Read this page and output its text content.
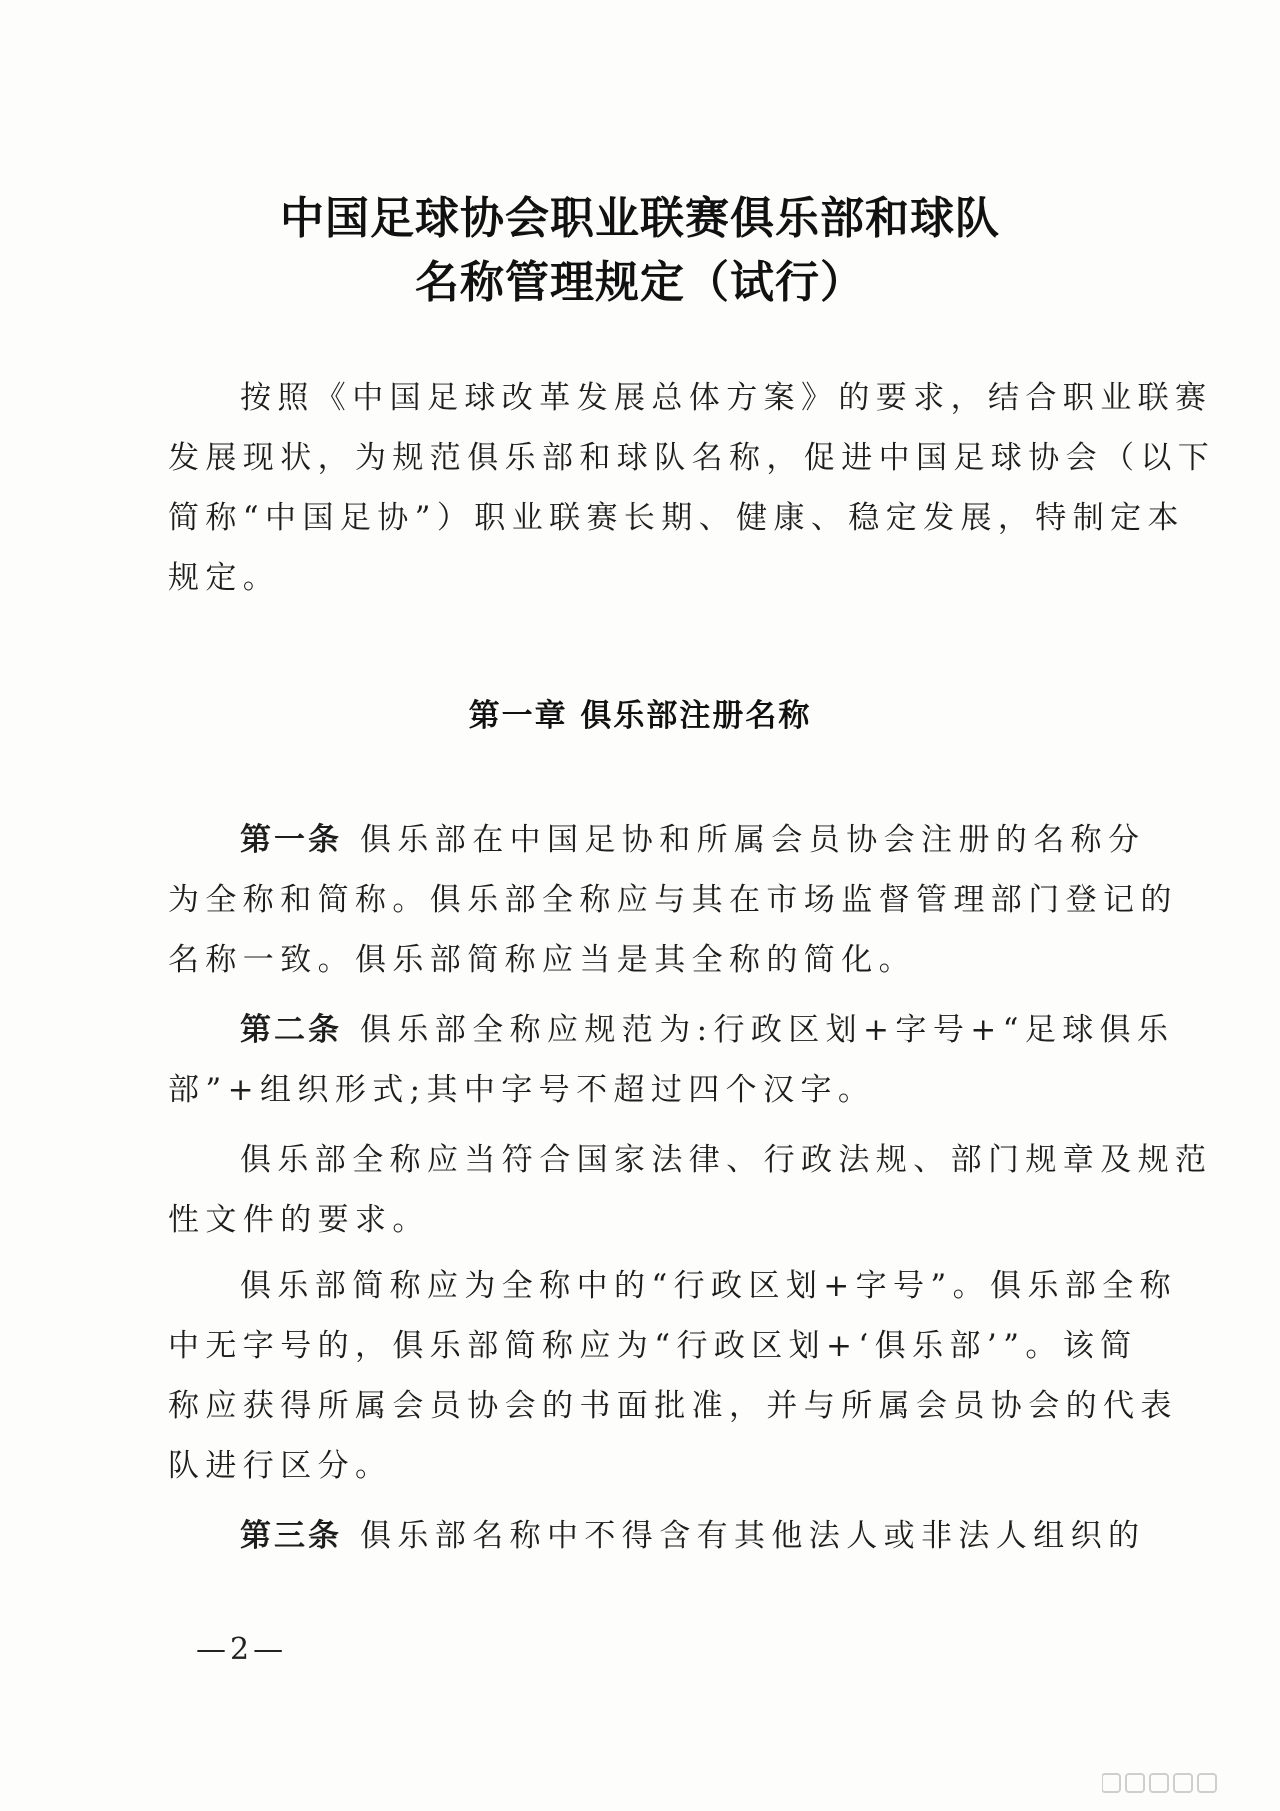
中国足球协会职业联赛俱乐部和球队
名称管理规定（试行）
按照《中国足球改革发展总体方案》的要求，结合职业联赛
发展现状，为规范俱乐部和球队名称，促进中国足球协会（以下
简称“中国足协”）职业联赛长期、健康、稳定发展，特制定本
规定。
第一章 俱乐部注册名称
第一条 俱乐部在中国足协和所属会员协会注册的名称分
为全称和简称。俱乐部全称应与其在市场监督管理部门登记的
名称一致。俱乐部简称应当是其全称的简化。
第二条 俱乐部全称应规范为:行政区划+字号+“足球俱乐
部”+组织形式;其中字号不超过四个汉字。
俱乐部全称应当符合国家法律、行政法规、部门规章及规范
性文件的要求。
俱乐部简称应为全称中的“行政区划+字号”。俱乐部全称
中无字号的，俱乐部简称应为“行政区划+‘俱乐部’”。该简
称应获得所属会员协会的书面批准，并与所属会员协会的代表
队进行区分。
第三条 俱乐部名称中不得含有其他法人或非法人组织的
—2—
